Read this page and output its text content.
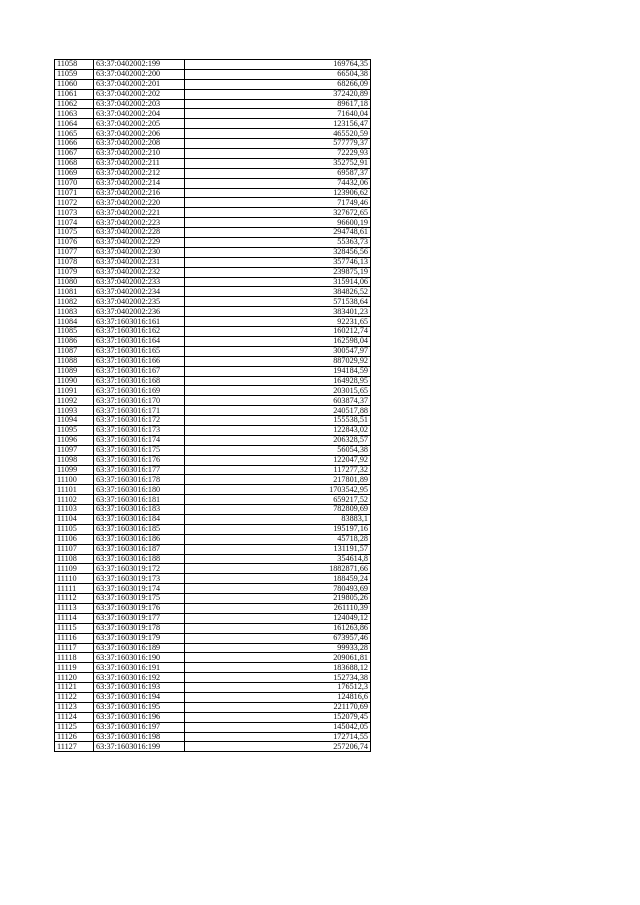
11058	63:37:0402002:199	169764,35
11059	63:37:0402002:200	66504,38
11060	63:37:0402002:201	68266,09
11061	63:37:0402002:202	372420,89
11062	63:37:0402002:203	89617,18
11063	63:37:0402002:204	71640,04
11064	63:37:0402002:205	123156,47
11065	63:37:0402002:206	465520,59
11066	63:37:0402002:208	577779,37
11067	63:37:0402002:210	72229,93
11068	63:37:0402002:211	352752,91
11069	63:37:0402002:212	69587,37
11070	63:37:0402002:214	74432,06
11071	63:37:0402002:216	123906,62
11072	63:37:0402002:220	71749,46
11073	63:37:0402002:221	327672,65
11074	63:37:0402002:223	96600,19
11075	63:37:0402002:228	294748,61
11076	63:37:0402002:229	55363,73
11077	63:37:0402002:230	328456,56
11078	63:37:0402002:231	357746,13
11079	63:37:0402002:232	239875,19
11080	63:37:0402002:233	315914,06
11081	63:37:0402002:234	384826,52
11082	63:37:0402002:235	571538,64
11083	63:37:0402002:236	383401,23
11084	63:37:1603016:161	92231,65
11085	63:37:1603016:162	160212,74
11086	63:37:1603016:164	162598,04
11087	63:37:1603016:165	300547,97
11088	63:37:1603016:166	887029,92
11089	63:37:1603016:167	194184,59
11090	63:37:1603016:168	164928,95
11091	63:37:1603016:169	203015,65
11092	63:37:1603016:170	603874,37
11093	63:37:1603016:171	240517,88
11094	63:37:1603016:172	155538,51
11095	63:37:1603016:173	122843,02
11096	63:37:1603016:174	206328,57
11097	63:37:1603016:175	56054,38
11098	63:37:1603016:176	122047,92
11099	63:37:1603016:177	117277,32
11100	63:37:1603016:178	217801,89
11101	63:37:1603016:180	1703542,95
11102	63:37:1603016:181	659217,52
11103	63:37:1603016:183	782809,69
11104	63:37:1603016:184	83883,1
11105	63:37:1603016:185	195197,16
11106	63:37:1603016:186	45718,28
11107	63:37:1603016:187	131191,57
11108	63:37:1603016:188	354614,8
11109	63:37:1603019:172	1882871,66
11110	63:37:1603019:173	188459,24
11111	63:37:1603019:174	780493,69
11112	63:37:1603019:175	219805,26
11113	63:37:1603019:176	261110,39
11114	63:37:1603019:177	124049,12
11115	63:37:1603019:178	161263,86
11116	63:37:1603019:179	673957,46
11117	63:37:1603016:189	99933,28
11118	63:37:1603016:190	209061,81
11119	63:37:1603016:191	183688,12
11120	63:37:1603016:192	152734,38
11121	63:37:1603016:193	176512,3
11122	63:37:1603016:194	124816,6
11123	63:37:1603016:195	221170,69
11124	63:37:1603016:196	152079,45
11125	63:37:1603016:197	145042,05
11126	63:37:1603016:198	172714,55
11127	63:37:1603016:199	257206,74
